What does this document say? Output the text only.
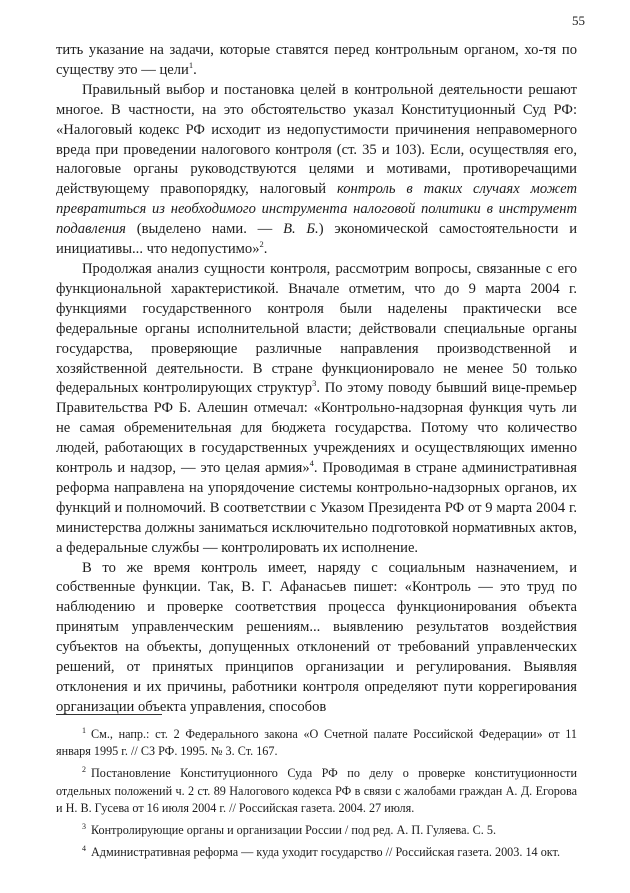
55

тить указание на задачи, которые ставятся перед контрольным органом, хо-тя по существу это — цели$^1$.

Правильный выбор и постановка целей в контрольной деятельности решают многое. В частности, на это обстоятельство указал Конституционный Суд РФ: «Налоговый кодекс РФ исходит из недопустимости причинения неправомерного вреда при проведении налогового контроля (ст. 35 и 103). Если, осуществляя его, налоговые органы руководствуются целями и мотивами, противоречащими действующему правопорядку, налоговый контроль в таких случаях может превратиться из необходимого инструмента налоговой политики в инструмент подавления (выделено нами. — В. Б.) экономической самостоятельности и инициативы... что недопустимо»$^2$.

Продолжая анализ сущности контроля, рассмотрим вопросы, связанные с его функциональной характеристикой. Вначале отметим, что до 9 марта 2004 г. функциями государственного контроля были наделены практически все федеральные органы исполнительной власти; действовали специальные органы государства, проверяющие различные направления производственной и хозяйственной деятельности. В стране функционировало не менее 50 только федеральных контролирующих структур$^3$. По этому поводу бывший вице-премьер Правительства РФ Б. Алешин отмечал: «Контрольно-надзорная функция чуть ли не самая обременительная для бюджета государства. Потому что количество людей, работающих в государственных учреждениях и осуществляющих именно контроль и надзор, — это целая армия»$^4$. Проводимая в стране административная реформа направлена на упорядочение системы контрольно-надзорных органов, их функций и полномочий. В соответствии с Указом Президента РФ от 9 марта 2004 г. министерства должны заниматься исключительно подготовкой нормативных актов, а федеральные службы — контролировать их исполнение.

В то же время контроль имеет, наряду с социальным назначением, и собственные функции. Так, В. Г. Афанасьев пишет: «Контроль — это труд по наблюдению и проверке соответствия процесса функционирования объекта принятым управленческим решениям... выявлению результатов воздействия субъектов на объекты, допущенных отклонений от требований управленческих решений, от принятых принципов организации и регулирования. Выявляя отклонения и их причины, работники контроля определяют пути коррегирования организации объекта управления, способов

$^1$ См., напр.: ст. 2 Федерального закона «О Счетной палате Российской Федерации» от 11 января 1995 г. // СЗ РФ. 1995. № 3. Ст. 167.

$^2$ Постановление Конституционного Суда РФ по делу о проверке конституционности отдельных положений ч. 2 ст. 89 Налогового кодекса РФ в связи с жалобами граждан А. Д. Егорова и Н. В. Гусева от 16 июля 2004 г. // Российская газета. 2004. 27 июля.

$^3$ Контролирующие органы и организации России / под ред. А. П. Гуляева. С. 5.

$^4$ Административная реформа — куда уходит государство // Российская газета. 2003. 14 окт.
